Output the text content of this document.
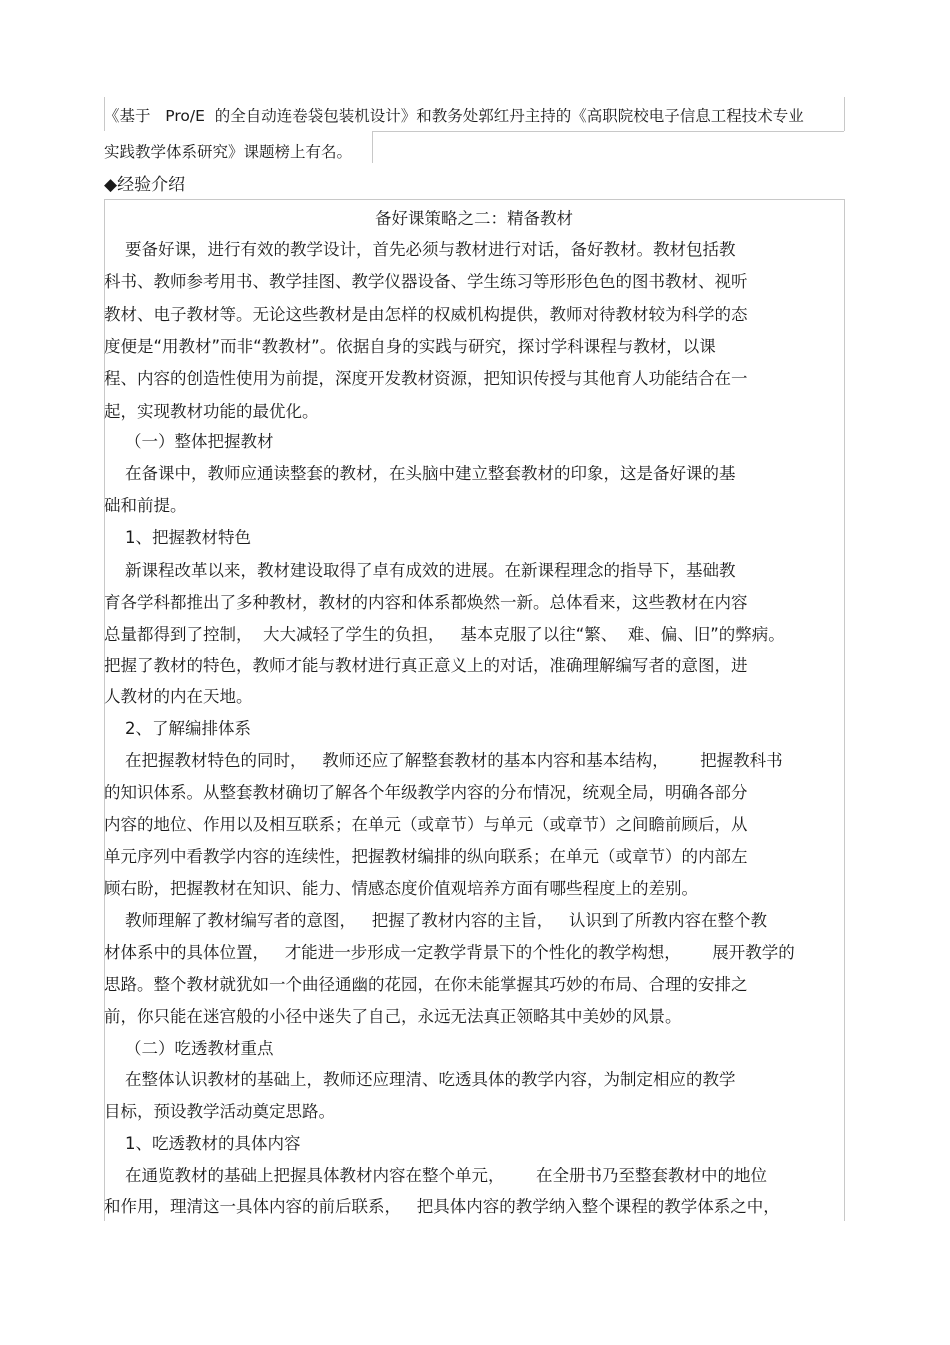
《基于   Pro/E  的全自动连卷袋包装机设计》和教务处郭红丹主持的《高职院校电子信息工程技术专业
实践教学体系研究》课题榜上有名。
◆经验介绍
备好课策略之二：精备教材
要备好课，进行有效的教学设计，首先必须与教材进行对话，备好教材。教材包括教
科书、教师参考用书、教学挂图、教学仪器设备、学生练习等形形色色的图书教材、视听
教材、电子教材等。无论这些教材是由怎样的权威机构提供，教师对待教材较为科学的态
度便是“用教材”而非“教教材”。依据自身的实践与研究，探讨学科课程与教材，以课
程、内容的创造性使用为前提，深度开发教材资源，把知识传授与其他育人功能结合在一
起，实现教材功能的最优化。
（一）整体把握教材
在备课中，教师应通读整套的教材，在头脑中建立整套教材的印象，这是备好课的基
础和前提。
1、把握教材特色
新课程改革以来，教材建设取得了卓有成效的进展。在新课程理念的指导下，基础教
育各学科都推出了多种教材，教材的内容和体系都焕然一新。总体看来，这些教材在内容
总量都得到了控制，  大大减轻了学生的负担，   基本克服了以往“繁、  难、偏、旧”的弊病。
把握了教材的特色，教师才能与教材进行真正意义上的对话，准确理解编写者的意图，进
人教材的内在天地。
2、了解编排体系
在把握教材特色的同时，   教师还应了解整套教材的基本内容和基本结构，      把握教科书
的知识体系。从整套教材确切了解各个年级教学内容的分布情况，统观全局，明确各部分
内容的地位、作用以及相互联系；在单元（或章节）与单元（或章节）之间瞻前顾后，从
单元序列中看教学内容的连续性，把握教材编排的纵向联系；在单元（或章节）的内部左
顾右盼，把握教材在知识、能力、情感态度价值观培养方面有哪些程度上的差别。
教师理解了教材编写者的意图，   把握了教材内容的主旨，   认识到了所教内容在整个教
材体系中的具体位置，   才能进一步形成一定教学背景下的个性化的教学构想，      展开教学的
思路。整个教材就犹如一个曲径通幽的花园，在你未能掌握其巧妙的布局、合理的安排之
前，你只能在迷宫般的小径中迷失了自己，永远无法真正领略其中美妙的风景。
（二）吃透教材重点
在整体认识教材的基础上，教师还应理清、吃透具体的教学内容，为制定相应的教学
目标，预设教学活动奠定思路。
1、吃透教材的具体内容
在通览教材的基础上把握具体教材内容在整个单元，      在全册书乃至整套教材中的地位
和作用，理清这一具体内容的前后联系，   把具体内容的教学纳入整个课程的教学体系之中，
